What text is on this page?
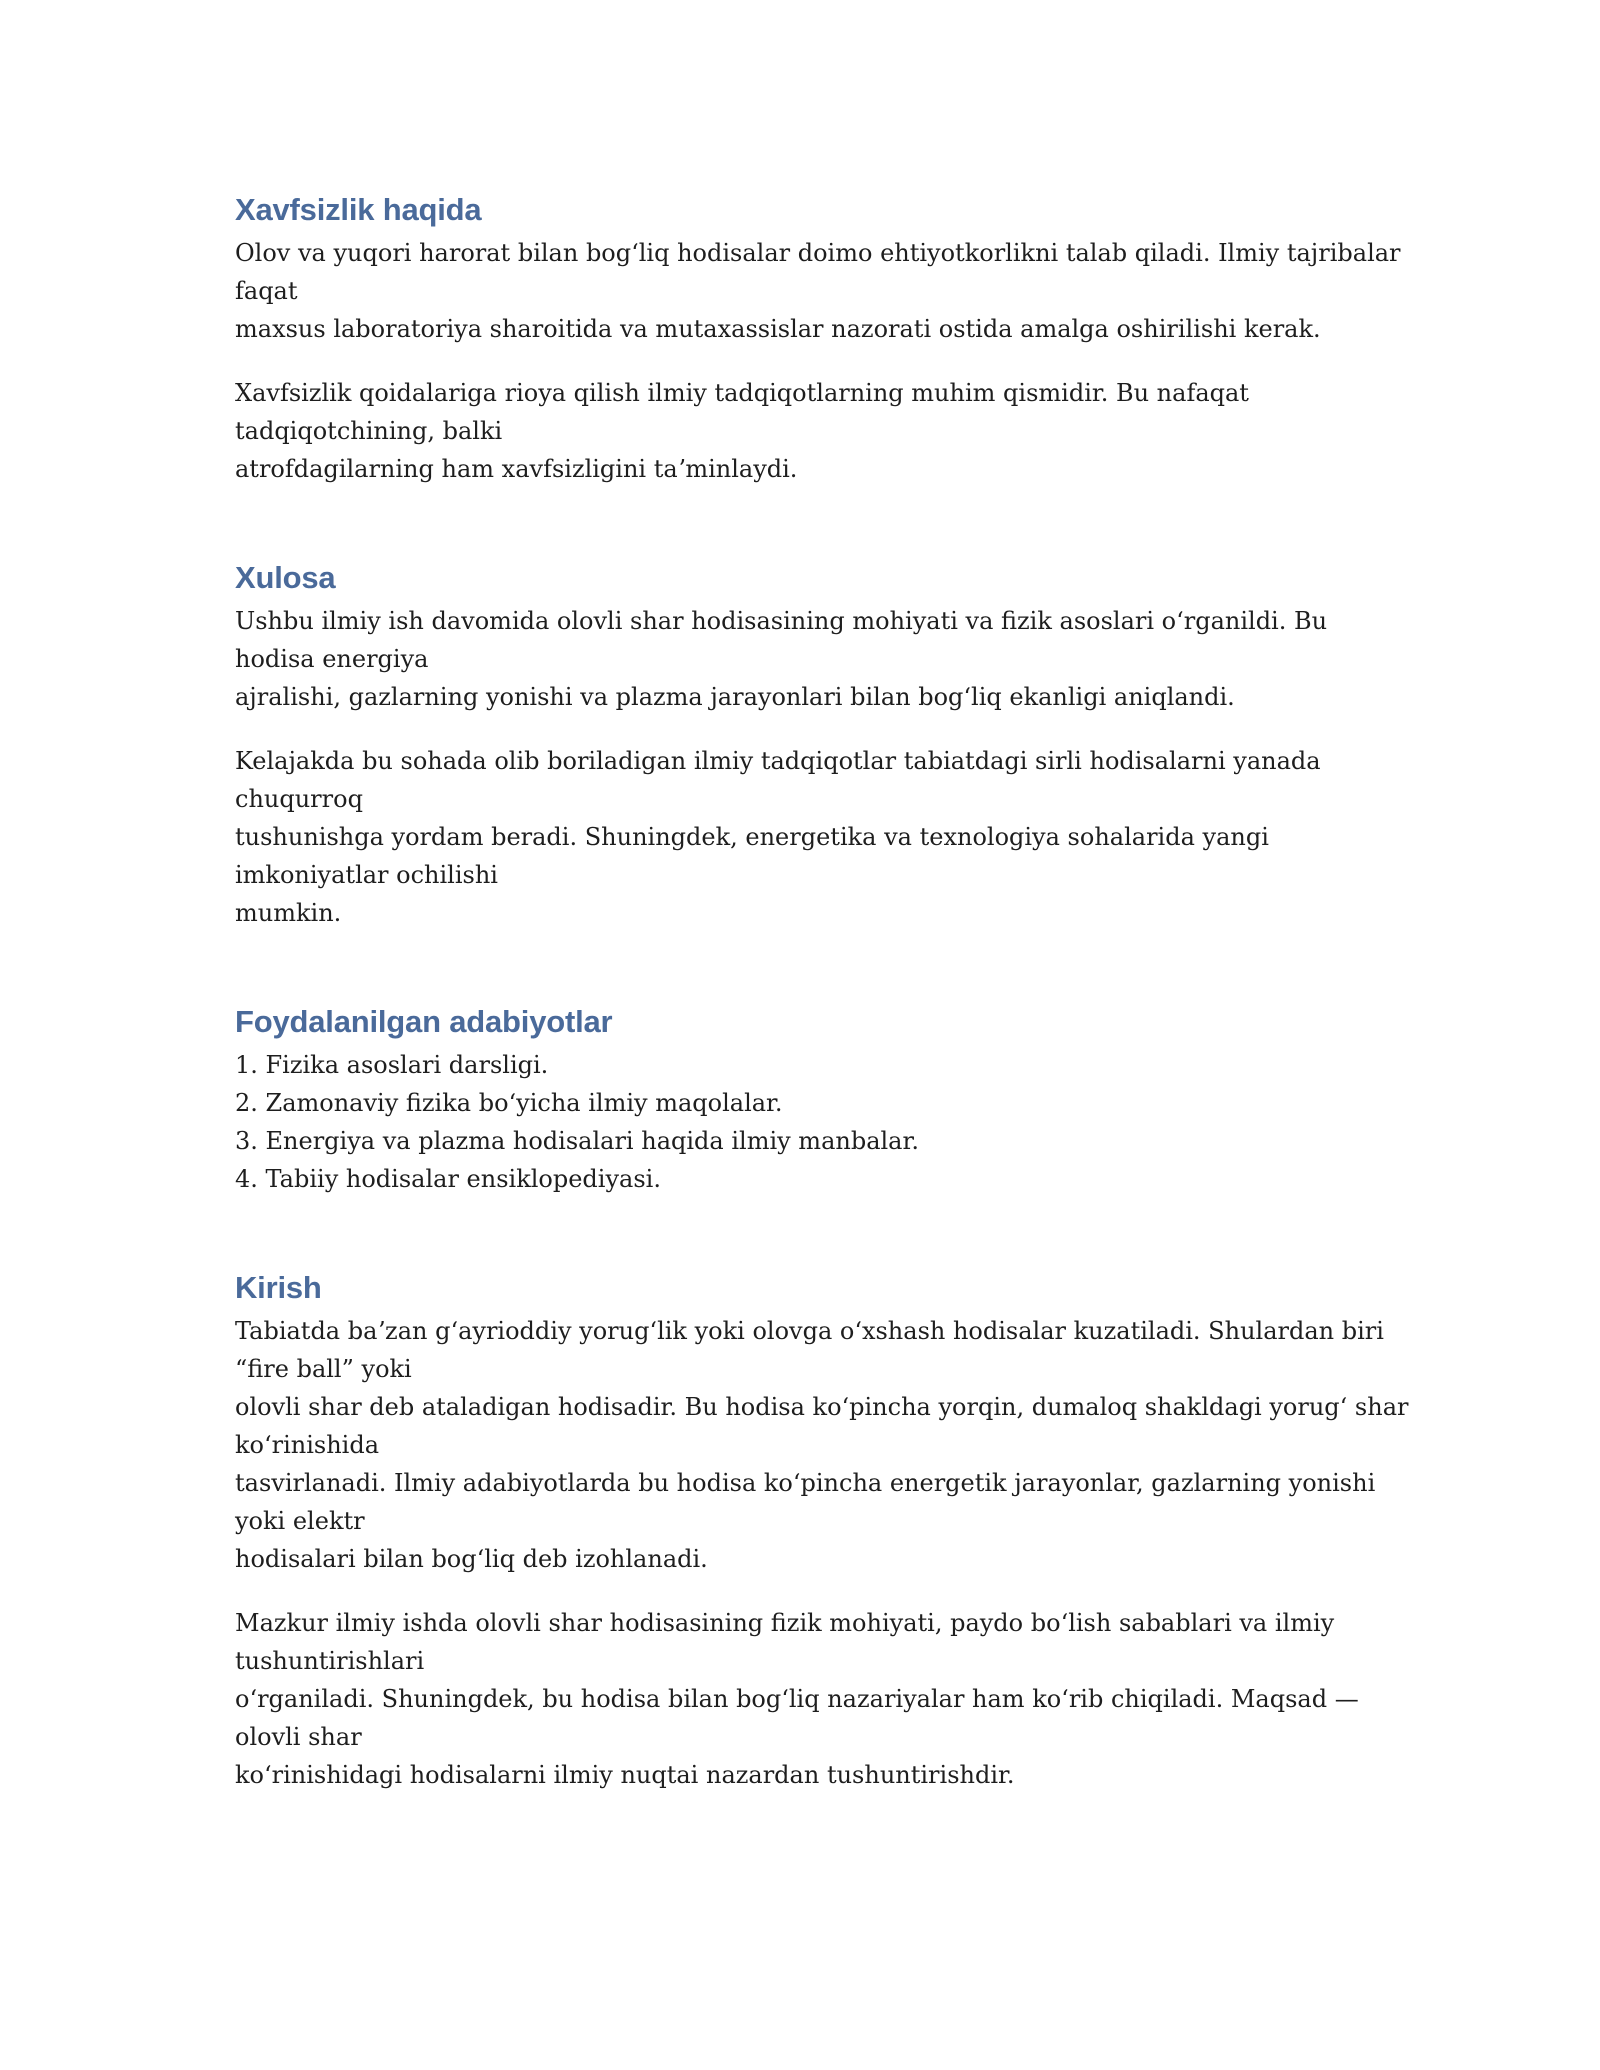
Xavfsizlik haqida

Olov va yuqori harorat bilan bogʻliq hodisalar doimo ehtiyotkorlikni talab qiladi. Ilmiy tajribalar
faqat
maxsus laboratoriya sharoitida va mutaxassislar nazorati ostida amalga oshirilishi kerak.

Xavfsizlik qoidalariga rioya qilish ilmiy tadqiqotlarning muhim qismidir. Bu nafaqat
tadqiqotchining, balki
atrofdagilarning ham xavfsizligini taʼminlaydi.

Xulosa

Ushbu ilmiy ish davomida olovli shar hodisasining mohiyati va fizik asoslari oʻrganildi. Bu
hodisa energiya
ajralishi, gazlarning yonishi va plazma jarayonlari bilan bogʻliq ekanligi aniqlandi.

Kelajakda bu sohada olib boriladigan ilmiy tadqiqotlar tabiatdagi sirli hodisalarni yanada
chuqurroq
tushunishga yordam beradi. Shuningdek, energetika va texnologiya sohalarida yangi
imkoniyatlar ochilishi
mumkin.

Foydalanilgan adabiyotlar
1. Fizika asoslari darsligi.
2. Zamonaviy fizika boʻyicha ilmiy maqolalar.
3. Energiya va plazma hodisalari haqida ilmiy manbalar.
4. Tabiiy hodisalar ensiklopediyasi.
Kirish

Tabiatda baʼzan gʻayrioddiy yorugʻlik yoki olovga oʻxshash hodisalar kuzatiladi. Shulardan biri
“fire ball” yoki
olovli shar deb ataladigan hodisadir. Bu hodisa koʻpincha yorqin, dumaloq shakldagi yorugʻ shar
koʻrinishida
tasvirlanadi. Ilmiy adabiyotlarda bu hodisa koʻpincha energetik jarayonlar, gazlarning yonishi
yoki elektr
hodisalari bilan bogʻliq deb izohlanadi.

Mazkur ilmiy ishda olovli shar hodisasining fizik mohiyati, paydo boʻlish sabablari va ilmiy
tushuntirishlari
oʻrganiladi. Shuningdek, bu hodisa bilan bogʻliq nazariyalar ham koʻrib chiqiladi. Maqsad —
olovli shar
koʻrinishidagi hodisalarni ilmiy nuqtai nazardan tushuntirishdir.
